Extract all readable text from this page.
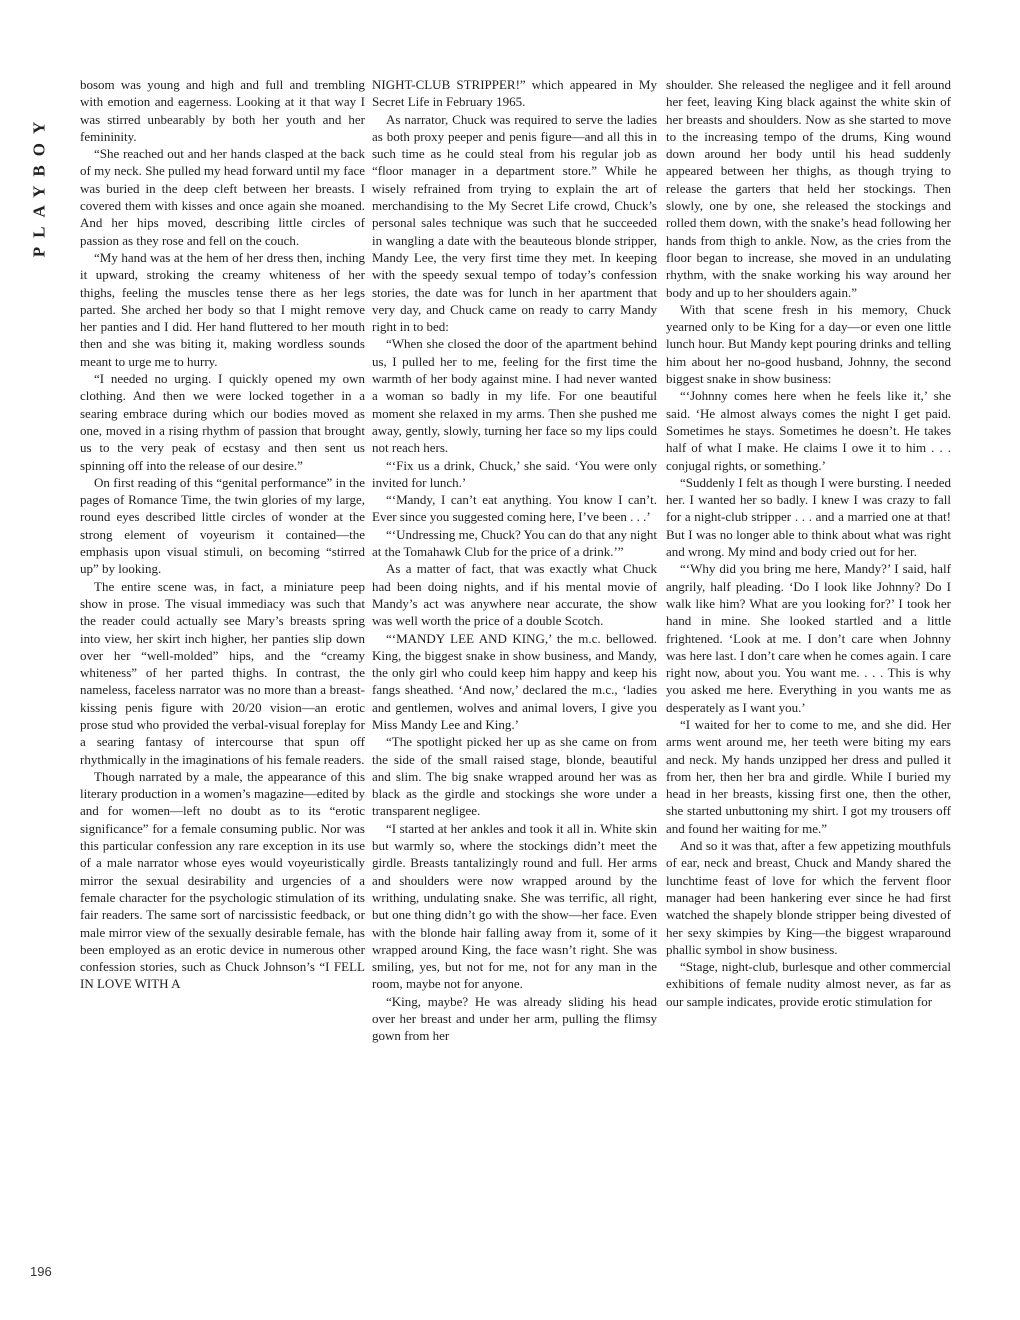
PLAYBOY

bosom was young and high and full and trembling with emotion and eagerness. Looking at it that way I was stirred unbearably by both her youth and her femininity.

“She reached out and her hands clasped at the back of my neck. She pulled my head forward until my face was buried in the deep cleft between her breasts. I covered them with kisses and once again she moaned. And her hips moved, describing little circles of passion as they rose and fell on the couch.

“My hand was at the hem of her dress then, inching it upward, stroking the creamy whiteness of her thighs, feeling the muscles tense there as her legs parted. She arched her body so that I might remove her panties and I did. Her hand fluttered to her mouth then and she was biting it, making wordless sounds meant to urge me to hurry.

“I needed no urging. I quickly opened my own clothing. And then we were locked together in a searing embrace during which our bodies moved as one, moved in a rising rhythm of passion that brought us to the very peak of ecstasy and then sent us spinning off into the release of our desire.”

On first reading of this “genital performance” in the pages of Romance Time, the twin glories of my large, round eyes described little circles of wonder at the strong element of voyeurism it contained—the emphasis upon visual stimuli, on becoming “stirred up” by looking.

The entire scene was, in fact, a miniature peep show in prose. The visual immediacy was such that the reader could actually see Mary’s breasts spring into view, her skirt inch higher, her panties slip down over her “well-molded” hips, and the “creamy whiteness” of her parted thighs. In contrast, the nameless, faceless narrator was no more than a breast-kissing penis figure with 20/20 vision—an erotic prose stud who provided the verbal-visual foreplay for a searing fantasy of intercourse that spun off rhythmically in the imaginations of his female readers.

Though narrated by a male, the appearance of this literary production in a women’s magazine—edited by and for women—left no doubt as to its “erotic significance” for a female consuming public. Nor was this particular confession any rare exception in its use of a male narrator whose eyes would voyeuristically mirror the sexual desirability and urgencies of a female character for the psychologic stimulation of its fair readers. The same sort of narcissistic feedback, or male mirror view of the sexually desirable female, has been employed as an erotic device in numerous other confession stories, such as Chuck Johnson’s “I FELL IN LOVE WITH A

NIGHT-CLUB STRIPPER!” which appeared in My Secret Life in February 1965.

As narrator, Chuck was required to serve the ladies as both proxy peeper and penis figure—and all this in such time as he could steal from his regular job as “floor manager in a department store.” While he wisely refrained from trying to explain the art of merchandising to the My Secret Life crowd, Chuck’s personal sales technique was such that he succeeded in wangling a date with the beauteous blonde stripper, Mandy Lee, the very first time they met. In keeping with the speedy sexual tempo of today’s confession stories, the date was for lunch in her apartment that very day, and Chuck came on ready to carry Mandy right in to bed:

“When she closed the door of the apartment behind us, I pulled her to me, feeling for the first time the warmth of her body against mine. I had never wanted a woman so badly in my life. For one beautiful moment she relaxed in my arms. Then she pushed me away, gently, slowly, turning her face so my lips could not reach hers.

“‘Fix us a drink, Chuck,’ she said. ‘You were only invited for lunch.’

“‘Mandy, I can’t eat anything. You know I can’t. Ever since you suggested coming here, I’ve been . . .’

“‘Undressing me, Chuck? You can do that any night at the Tomahawk Club for the price of a drink.’”

As a matter of fact, that was exactly what Chuck had been doing nights, and if his mental movie of Mandy’s act was anywhere near accurate, the show was well worth the price of a double Scotch.

“‘MANDY LEE AND KING,’ the m.c. bellowed. King, the biggest snake in show business, and Mandy, the only girl who could keep him happy and keep his fangs sheathed. ‘And now,’ declared the m.c., ‘ladies and gentlemen, wolves and animal lovers, I give you Miss Mandy Lee and King.’

“The spotlight picked her up as she came on from the side of the small raised stage, blonde, beautiful and slim. The big snake wrapped around her was as black as the girdle and stockings she wore under a transparent negligee.

“I started at her ankles and took it all in. White skin but warmly so, where the stockings didn’t meet the girdle. Breasts tantalizingly round and full. Her arms and shoulders were now wrapped around by the writhing, undulating snake. She was terrific, all right, but one thing didn’t go with the show—her face. Even with the blonde hair falling away from it, some of it wrapped around King, the face wasn’t right. She was smiling, yes, but not for me, not for any man in the room, maybe not for anyone.

“King, maybe? He was already sliding his head over her breast and under her arm, pulling the flimsy gown from her

shoulder. She released the negligee and it fell around her feet, leaving King black against the white skin of her breasts and shoulders. Now as she started to move to the increasing tempo of the drums, King wound down around her body until his head suddenly appeared between her thighs, as though trying to release the garters that held her stockings. Then slowly, one by one, she released the stockings and rolled them down, with the snake’s head following her hands from thigh to ankle. Now, as the cries from the floor began to increase, she moved in an undulating rhythm, with the snake working his way around her body and up to her shoulders again.”

With that scene fresh in his memory, Chuck yearned only to be King for a day—or even one little lunch hour. But Mandy kept pouring drinks and telling him about her no-good husband, Johnny, the second biggest snake in show business:

“‘Johnny comes here when he feels like it,’ she said. ‘He almost always comes the night I get paid. Sometimes he stays. Sometimes he doesn’t. He takes half of what I make. He claims I owe it to him . . . conjugal rights, or something.’

“Suddenly I felt as though I were bursting. I needed her. I wanted her so badly. I knew I was crazy to fall for a night-club stripper . . . and a married one at that! But I was no longer able to think about what was right and wrong. My mind and body cried out for her.

“‘Why did you bring me here, Mandy?’ I said, half angrily, half pleading. ‘Do I look like Johnny? Do I walk like him? What are you looking for?’ I took her hand in mine. She looked startled and a little frightened. ‘Look at me. I don’t care when Johnny was here last. I don’t care when he comes again. I care right now, about you. You want me. . . . This is why you asked me here. Everything in you wants me as desperately as I want you.’

“I waited for her to come to me, and she did. Her arms went around me, her teeth were biting my ears and neck. My hands unzipped her dress and pulled it from her, then her bra and girdle. While I buried my head in her breasts, kissing first one, then the other, she started unbuttoning my shirt. I got my trousers off and found her waiting for me.”

And so it was that, after a few appetizing mouthfuls of ear, neck and breast, Chuck and Mandy shared the lunchtime feast of love for which the fervent floor manager had been hankering ever since he had first watched the shapely blonde stripper being divested of her sexy skimpies by King—the biggest wraparound phallic symbol in show business.

“Stage, night-club, burlesque and other commercial exhibitions of female nudity almost never, as far as our sample indicates, provide erotic stimulation for

196
